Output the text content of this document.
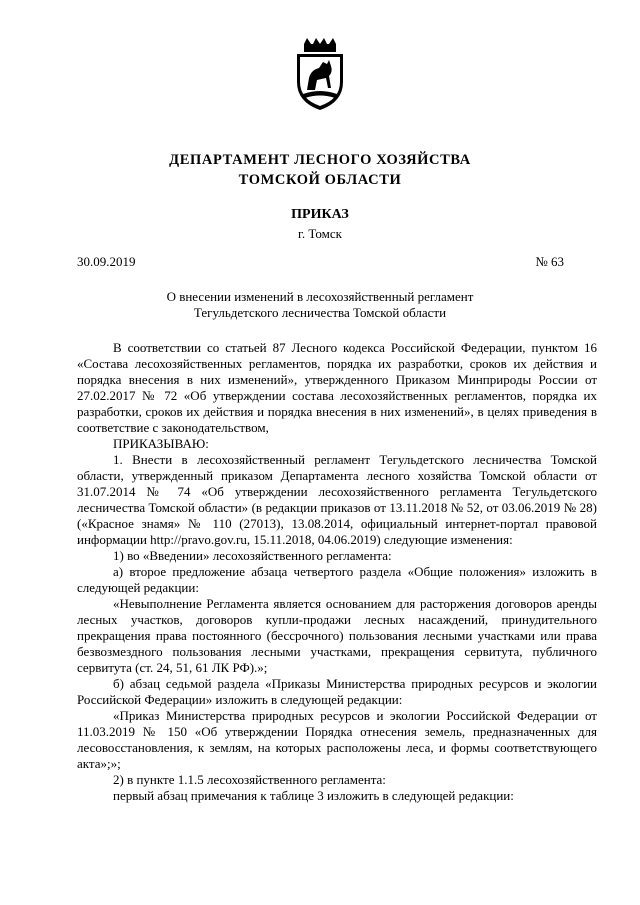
ДЕПАРТАМЕНТ ЛЕСНОГО ХОЗЯЙСТВА
ТОМСКОЙ ОБЛАСТИ
ПРИКАЗ
г. Томск
30.09.2019	№ 63
О внесении изменений в лесохозяйственный регламент
Тегульдетского лесничества Томской области

В соответствии со статьей 87 Лесного кодекса Российской Федерации, пунктом 16 «Состава лесохозяйственных регламентов, порядка их разработки, сроков их действия и порядка внесения в них изменений», утвержденного Приказом Минприроды России от 27.02.2017 № 72 «Об утверждении состава лесохозяйственных регламентов, порядка их разработки, сроков их действия и порядка внесения в них изменений», в целях приведения в соответствие с законодательством,

ПРИКАЗЫВАЮ:

1. Внести в лесохозяйственный регламент Тегульдетского лесничества Томской области, утвержденный приказом Департамента лесного хозяйства Томской области от 31.07.2014 № 74 «Об утверждении лесохозяйственного регламента Тегульдетского лесничества Томской области» (в редакции приказов от 13.11.2018 № 52, от 03.06.2019 № 28) («Красное знамя» № 110 (27013), 13.08.2014, официальный интернет-портал правовой информации http://pravo.gov.ru, 15.11.2018, 04.06.2019) следующие изменения:

1) во «Введении» лесохозяйственного регламента:

а) второе предложение абзаца четвертого раздела «Общие положения» изложить в следующей редакции:

«Невыполнение Регламента является основанием для расторжения договоров аренды лесных участков, договоров купли-продажи лесных насаждений, принудительного прекращения права постоянного (бессрочного) пользования лесными участками или права безвозмездного пользования лесными участками, прекращения сервитута, публичного сервитута (ст. 24, 51, 61 ЛК РФ).»;

б) абзац седьмой раздела «Приказы Министерства природных ресурсов и экологии Российской Федерации» изложить в следующей редакции:

«Приказ Министерства природных ресурсов и экологии Российской Федерации от 11.03.2019 № 150 «Об утверждении Порядка отнесения земель, предназначенных для лесовосстановления, к землям, на которых расположены леса, и формы соответствующего акта»;»;

2) в пункте 1.1.5 лесохозяйственного регламента:

первый абзац примечания к таблице 3 изложить в следующей редакции:
